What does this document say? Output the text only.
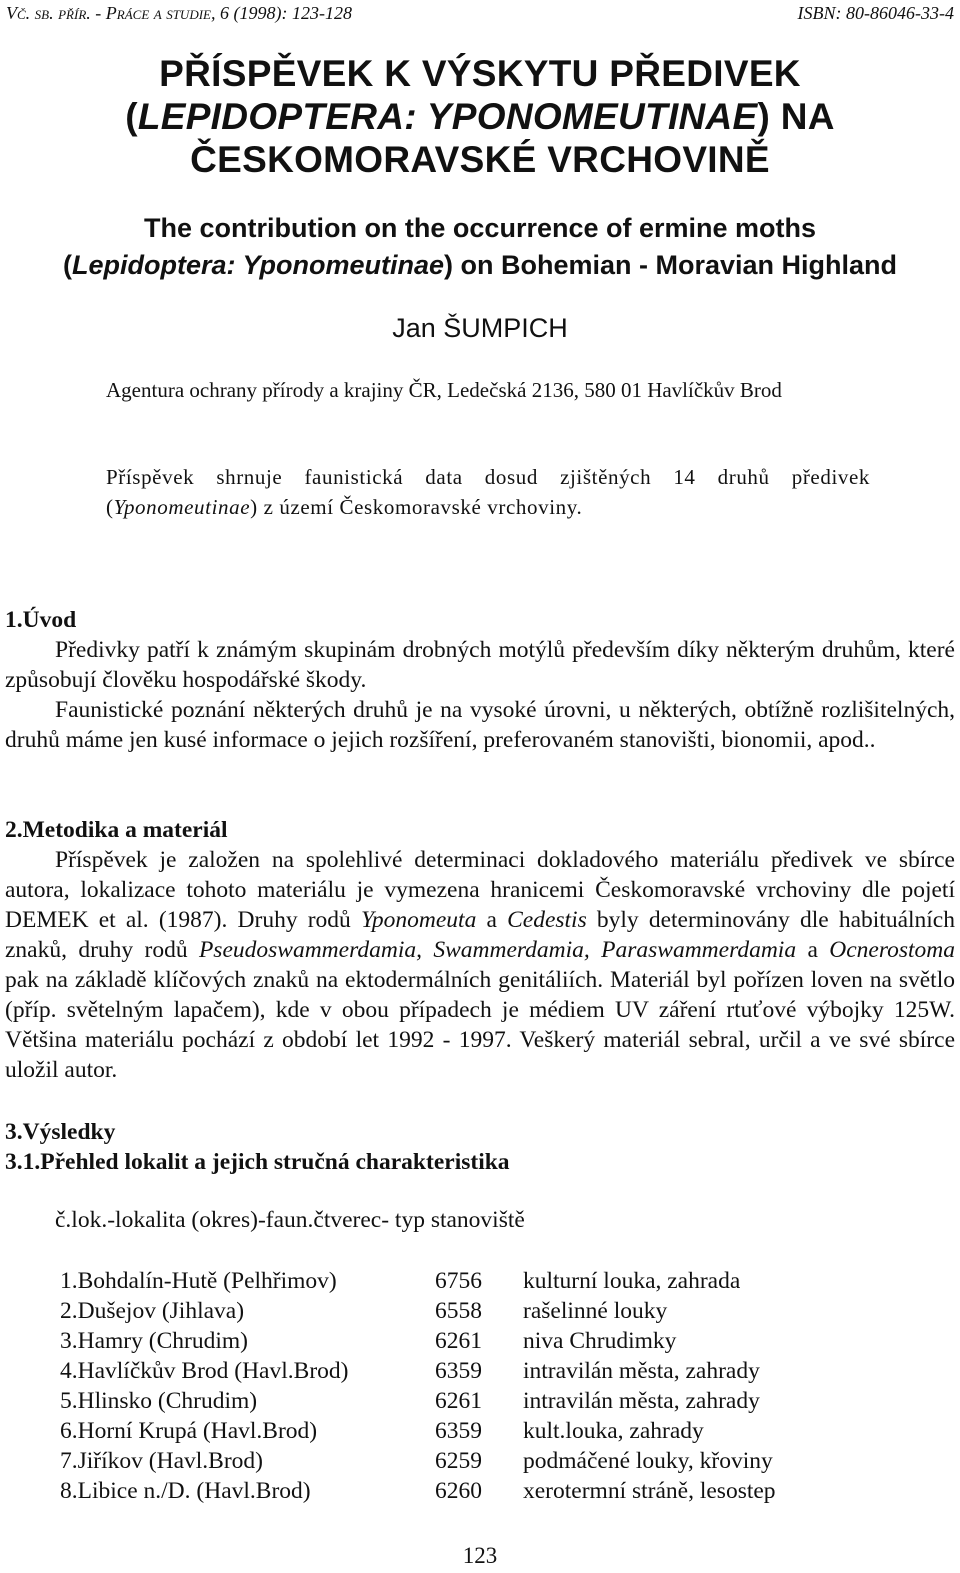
Vč. sb. přír. - Práce a studie, 6 (1998): 123-128	ISBN: 80-86046-33-4
PŘÍSPĚVEK K VÝSKYTU PŘEDIVEK
(LEPIDOPTERA: YPONOMEUTINAE) NA
ČESKOMORAVSKÉ VRCHOVINĚ
The contribution on the occurrence of ermine moths
(Lepidoptera: Yponomeutinae) on Bohemian - Moravian Highland
Jan ŠUMPICH
Agentura ochrany přírody a krajiny ČR, Ledečská 2136, 580 01 Havlíčkův Brod
Příspěvek shrnuje faunistická data dosud zjištěných 14 druhů předivek
(Yponomeutinae) z území Českomoravské vrchoviny.

1.Úvod

Předivky patří k známým skupinám drobných motýlů především díky některým druhům, které způsobují člověku hospodářské škody.

Faunistické poznání některých druhů je na vysoké úrovni, u některých, obtížně rozlišitelných, druhů máme jen kusé informace o jejich rozšíření, preferovaném stanovišti, bionomii, apod..

2.Metodika a materiál

Příspěvek je založen na spolehlivé determinaci dokladového materiálu předivek ve sbírce autora, lokalizace tohoto materiálu je vymezena hranicemi Českomoravské vrchoviny dle pojetí DEMEK et al. (1987). Druhy rodů Yponomeuta a Cedestis byly determinovány dle habituálních znaků, druhy rodů Pseudoswammerdamia, Swammerdamia, Paraswammerdamia a Ocnerostoma pak na základě klíčových znaků na ektodermálních genitáliích. Materiál byl pořízen loven na světlo (příp. světelným lapačem), kde v obou případech je médiem UV záření rtuťové výbojky 125W. Většina materiálu pochází z období let 1992 - 1997. Veškerý materiál sebral, určil a ve své sbírce uložil autor.

3.Výsledky

3.1.Přehled lokalit a jejich stručná charakteristika

č.lok.-lokalita (okres)-faun.čtverec- typ stanoviště
1.Bohdalín-Hutě (Pelhřimov)	6756	kulturní louka, zahrada
2.Dušejov (Jihlava)	6558	rašelinné louky
3.Hamry (Chrudim)	6261	niva Chrudimky
4.Havlíčkův Brod (Havl.Brod)	6359	intravilán města, zahrady
5.Hlinsko (Chrudim)	6261	intravilán města, zahrady
6.Horní Krupá (Havl.Brod)	6359	kult.louka, zahrady
7.Jiříkov (Havl.Brod)	6259	podmáčené louky, křoviny
8.Libice n./D. (Havl.Brod)	6260	xerotermní stráně, lesostep
123
